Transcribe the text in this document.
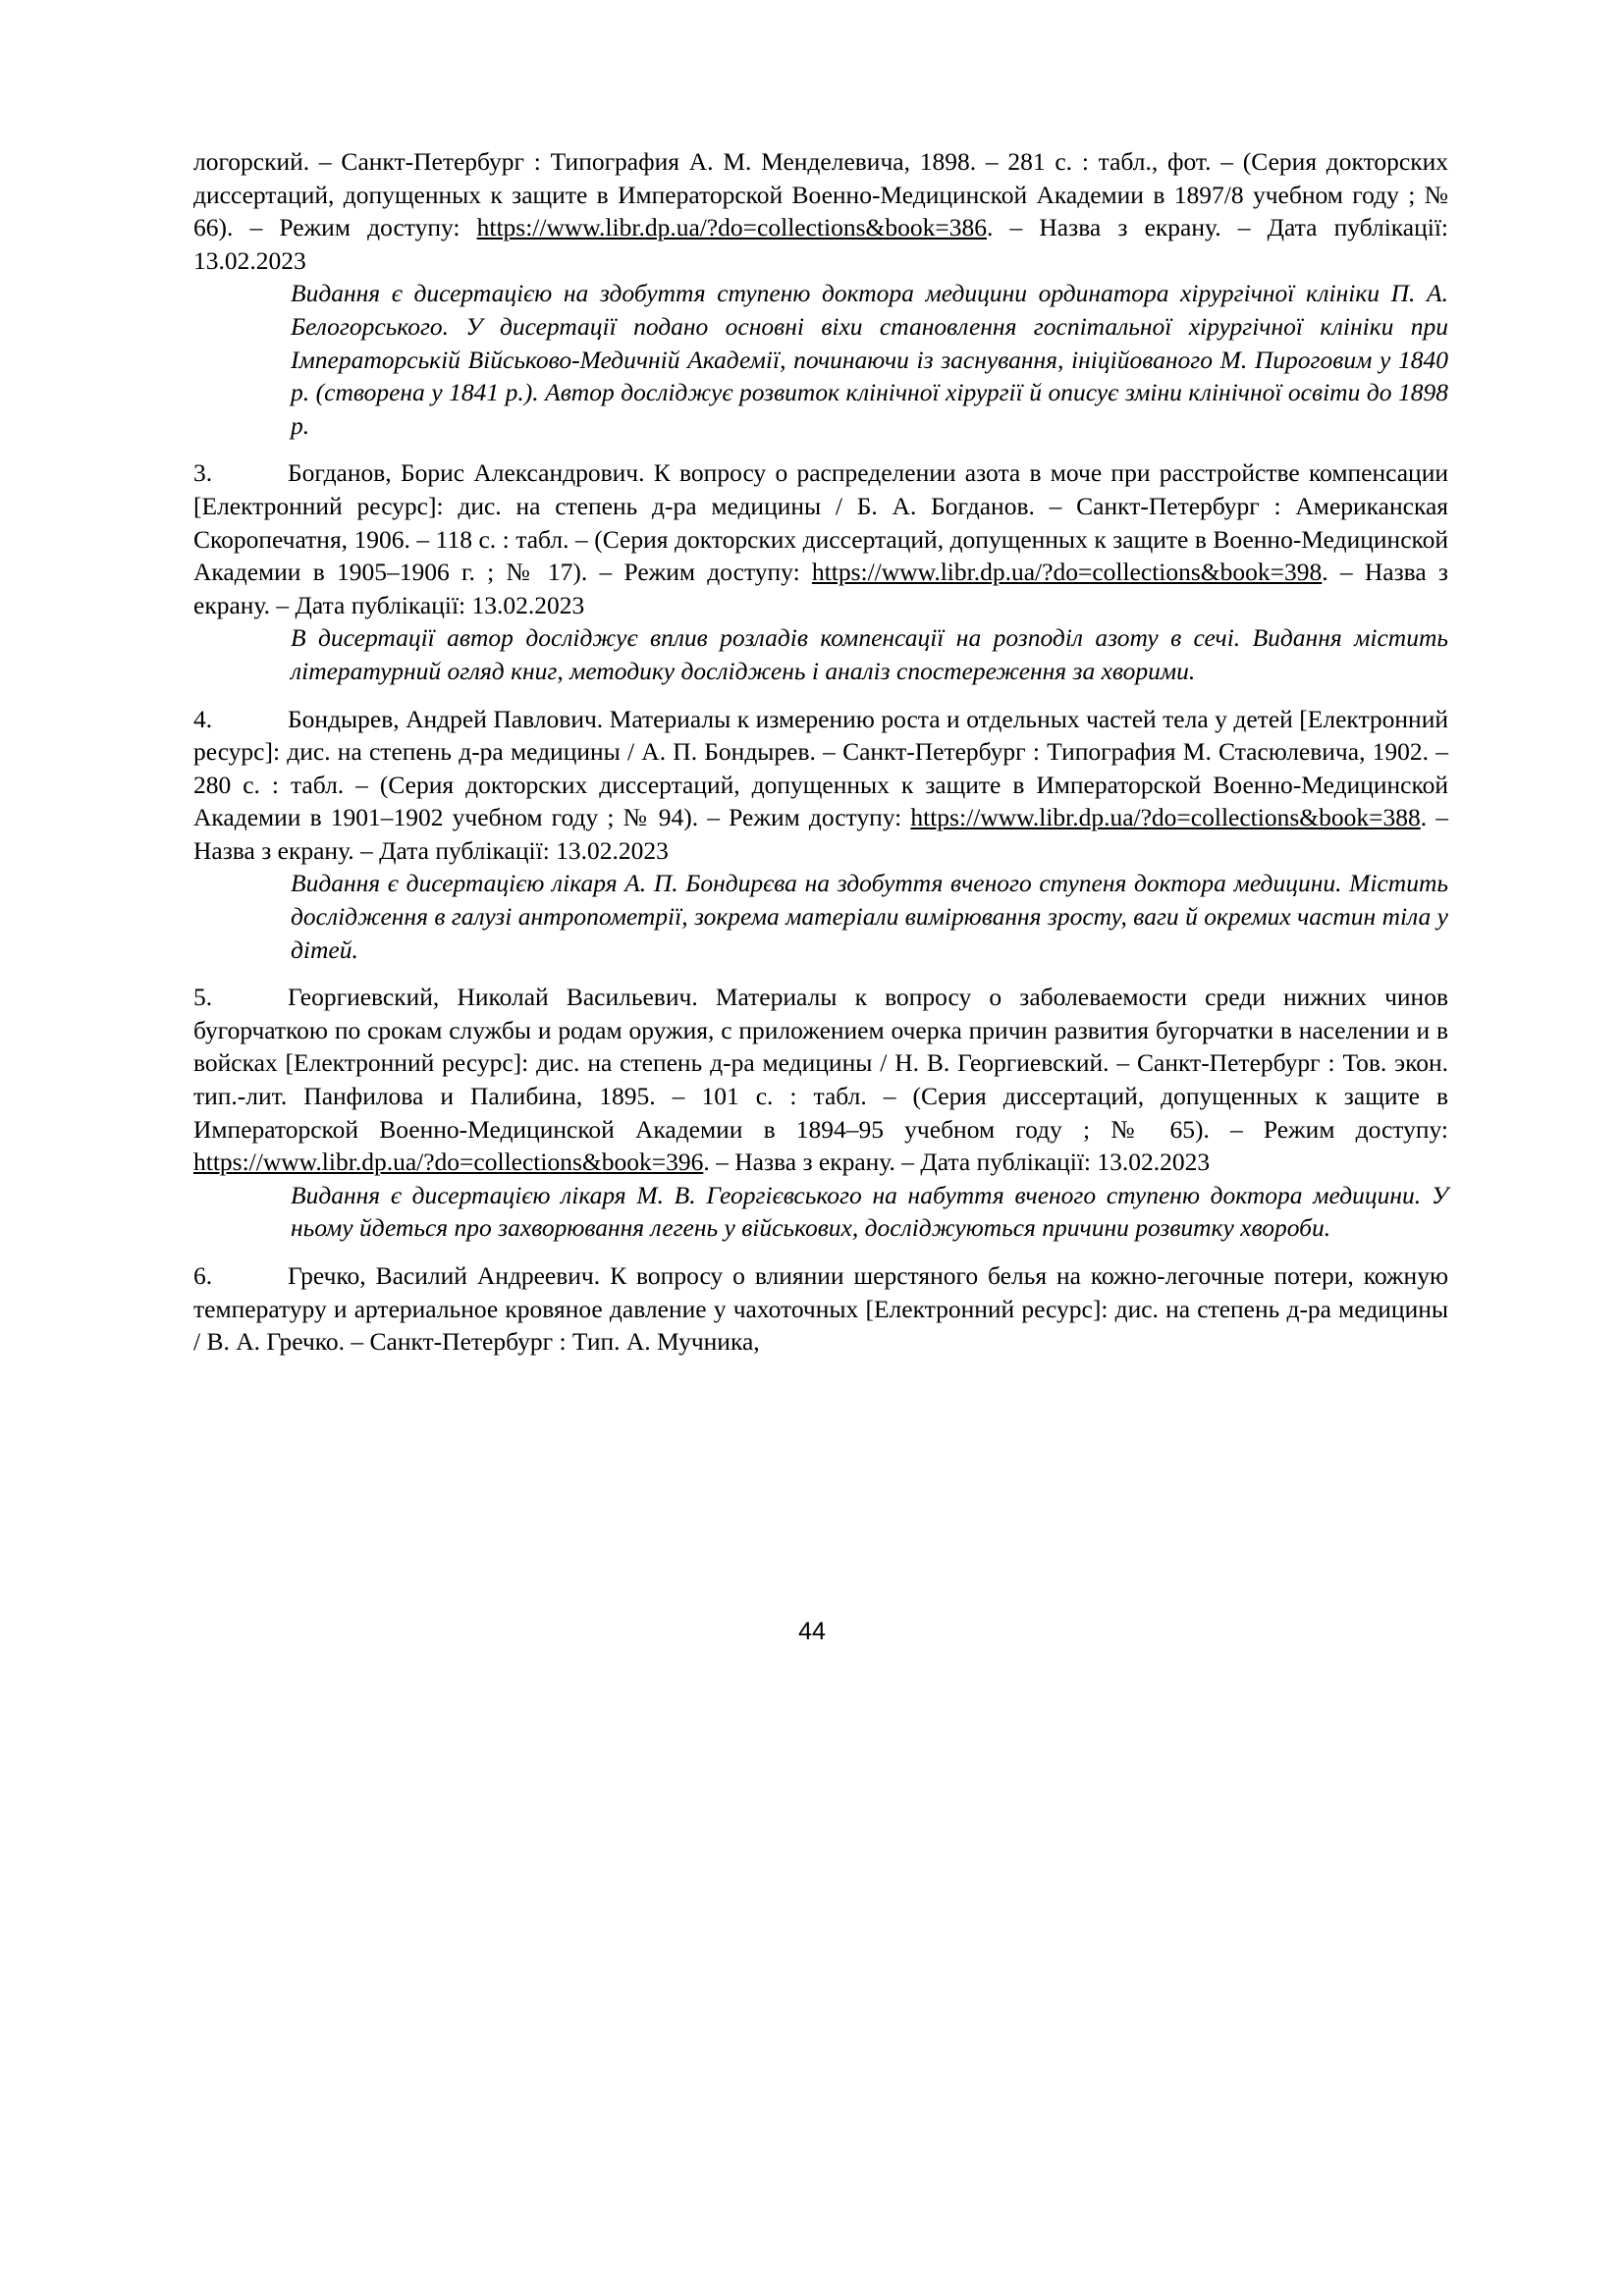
логорский. – Санкт-Петербург : Типография А. М. Менделевича, 1898. – 281 с. : табл., фот. – (Серия докторских диссертаций, допущенных к защите в Императорской Военно-Медицинской Академии в 1897/8 учебном году ; № 66). – Режим доступу: https://www.libr.dp.ua/?do=collections&book=386. – Назва з екрану. – Дата публікації: 13.02.2023

Видання є дисертацією на здобуття ступеню доктора медицини ординатора хірургічної клініки П. А. Белогорського. У дисертації подано основні віхи становлення госпітальної хірургічної клініки при Імператорській Військово-Медичній Академії, починаючи із заснування, ініційованого М. Пироговим у 1840 р. (створена у 1841 р.). Автор досліджує розвиток клінічної хірургії й описує зміни клінічної освіти до 1898 р.

3.	Богданов, Борис Александрович. К вопросу о распределении азота в моче при расстройстве компенсации [Електронний ресурс]: дис. на степень д-ра медицины / Б. А. Богданов. – Санкт-Петербург : Американская Скоропечатня, 1906. – 118 с. : табл. – (Серия докторских диссертаций, допущенных к защите в Военно-Медицинской Академии в 1905–1906 г. ; № 17). – Режим доступу: https://www.libr.dp.ua/?do=collections&book=398. – Назва з екрану. – Дата публікації: 13.02.2023

В дисертації автор досліджує вплив розладів компенсації на розподіл азоту в сечі. Видання містить літературний огляд книг, методику досліджень і аналіз спостереження за хворими.

4.	Бондырев, Андрей Павлович. Материалы к измерению роста и отдельных частей тела у детей [Електронний ресурс]: дис. на степень д-ра медицины / А. П. Бондырев. – Санкт-Петербург : Типография М. Стасюлевича, 1902. – 280 с. : табл. – (Серия докторских диссертаций, допущенных к защите в Императорской Военно-Медицинской Академии в 1901–1902 учебном году ; № 94). – Режим доступу: https://www.libr.dp.ua/?do=collections&book=388. – Назва з екрану. – Дата публікації: 13.02.2023

Видання є дисертацією лікаря А. П. Бондирєва на здобуття вченого ступеня доктора медицини. Містить дослідження в галузі антропометрії, зокрема матеріали вимірювання зросту, ваги й окремих частин тіла у дітей.

5.	Георгиевский, Николай Васильевич. Материалы к вопросу о заболеваемости среди нижних чинов бугорчаткою по срокам службы и родам оружия, с приложением очерка причин развития бугорчатки в населении и в войсках [Електронний ресурс]: дис. на степень д-ра медицины / Н. В. Георгиевский. – Санкт-Петербург : Тов. экон. тип.-лит. Панфилова и Палибина, 1895. – 101 с. : табл. – (Серия диссертаций, допущенных к защите в Императорской Военно-Медицинской Академии в 1894–95 учебном году ; № 65). – Режим доступу: https://www.libr.dp.ua/?do=collections&book=396. – Назва з екрану. – Дата публікації: 13.02.2023

Видання є дисертацією лікаря М. В. Георгієвського на набуття вченого ступеню доктора медицини. У ньому йдеться про захворювання легень у військових, досліджуються причини розвитку хвороби.

6.	Гречко, Василий Андреевич. К вопросу о влиянии шерстяного белья на кожно-легочные потери, кожную температуру и артериальное кровяное давление у чахоточных [Електронний ресурс]: дис. на степень д-ра медицины / В. А. Гречко. – Санкт-Петербург : Тип. А. Мучника,

44
